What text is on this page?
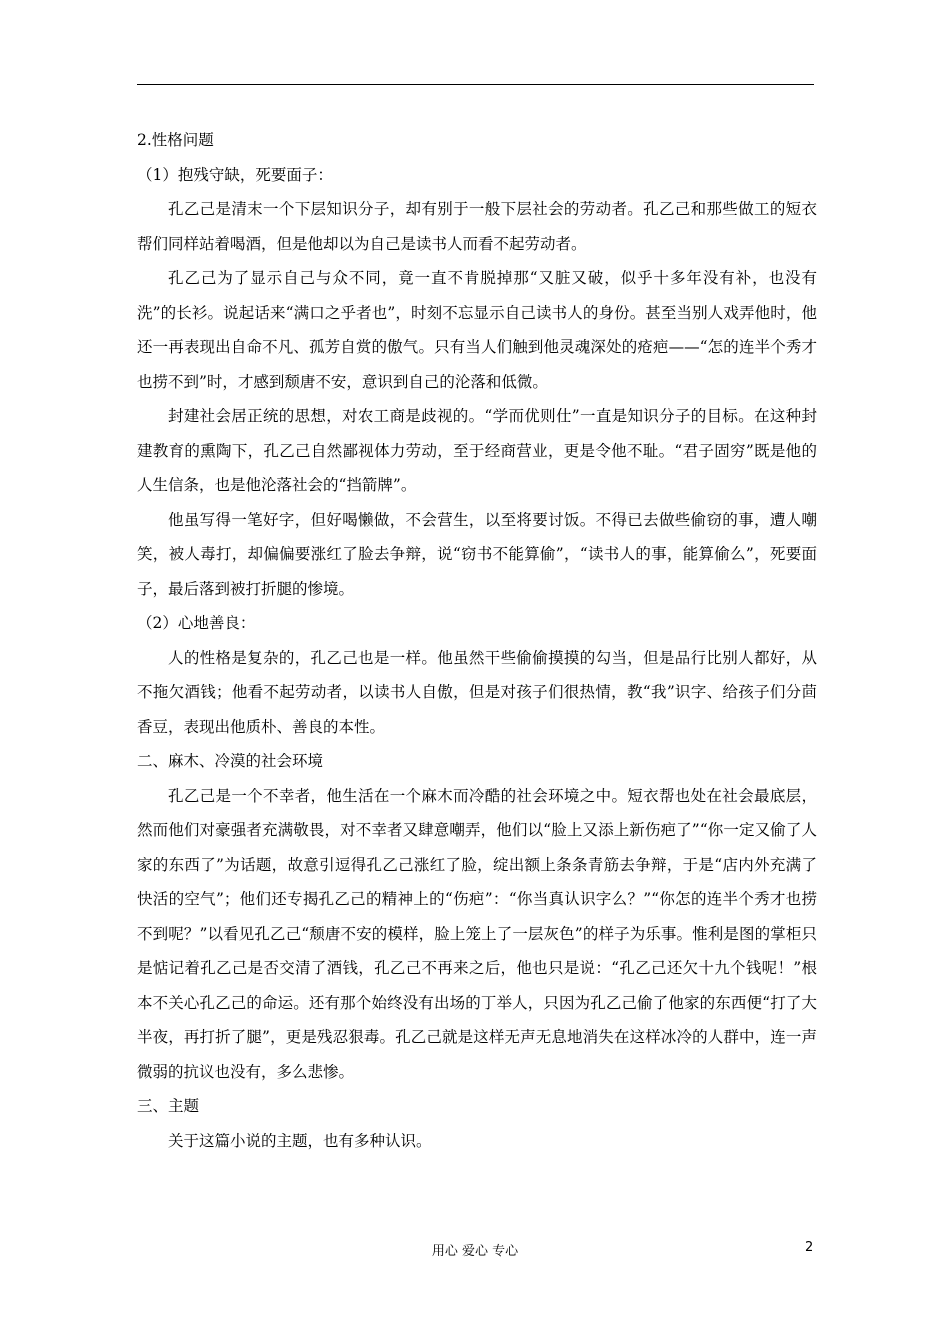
2.性格问题

（1）抱残守缺，死要面子：

孔乙己是清末一个下层知识分子，却有别于一般下层社会的劳动者。孔乙己和那些做工的短衣帮们同样站着喝酒，但是他却以为自己是读书人而看不起劳动者。

孔乙己为了显示自己与众不同，竟一直不肯脱掉那“又脏又破，似乎十多年没有补，也没有洗”的长衫。说起话来“满口之乎者也”，时刻不忘显示自己读书人的身份。甚至当别人戏弄他时，他还一再表现出自命不凡、孤芳自赏的傲气。只有当人们触到他灵魂深处的疮疤——“怎的连半个秀才也捞不到”时，才感到颓唐不安，意识到自己的沦落和低微。

封建社会居正统的思想，对农工商是歧视的。“学而优则仕”一直是知识分子的目标。在这种封建教育的熏陶下，孔乙己自然鄙视体力劳动，至于经商营业，更是令他不耻。“君子固穷”既是他的人生信条，也是他沦落社会的“挡箭牌”。

他虽写得一笔好字，但好喝懒做，不会营生，以至将要讨饭。不得已去做些偷窃的事，遭人嘲笑，被人毒打，却偏偏要涨红了脸去争辩，说“窃书不能算偷”，“读书人的事，能算偷么”，死要面子，最后落到被打折腿的惨境。

（2）心地善良：

人的性格是复杂的，孔乙己也是一样。他虽然干些偷偷摸摸的勾当，但是品行比别人都好，从不拖欠酒钱；他看不起劳动者，以读书人自傲，但是对孩子们很热情，教“我”识字、给孩子们分茴香豆，表现出他质朴、善良的本性。

二、麻木、冷漠的社会环境

孔乙己是一个不幸者，他生活在一个麻木而冷酷的社会环境之中。短衣帮也处在社会最底层，然而他们对豪强者充满敬畏，对不幸者又肆意嘲弄，他们以“脸上又添上新伤疤了”“你一定又偷了人家的东西了”为话题，故意引逗得孔乙己涨红了脸，绽出额上条条青筋去争辩，于是“店内外充满了快活的空气”；他们还专揭孔乙己的精神上的“伤疤”：“你当真认识字么？”“你怎的连半个秀才也捞不到呢？”以看见孔乙己“颓唐不安的模样，脸上笼上了一层灰色”的样子为乐事。惟利是图的掌柜只是惦记着孔乙己是否交清了酒钱，孔乙己不再来之后，他也只是说：“孔乙己还欠十九个钱呢！”根本不关心孔乙己的命运。还有那个始终没有出场的丁举人，只因为孔乙己偷了他家的东西便“打了大半夜，再打折了腿”，更是残忍狠毒。孔乙己就是这样无声无息地消失在这样冰冷的人群中，连一声微弱的抗议也没有，多么悲惨。

三、主题

关于这篇小说的主题，也有多种认识。

用心 爱心 专心	2
